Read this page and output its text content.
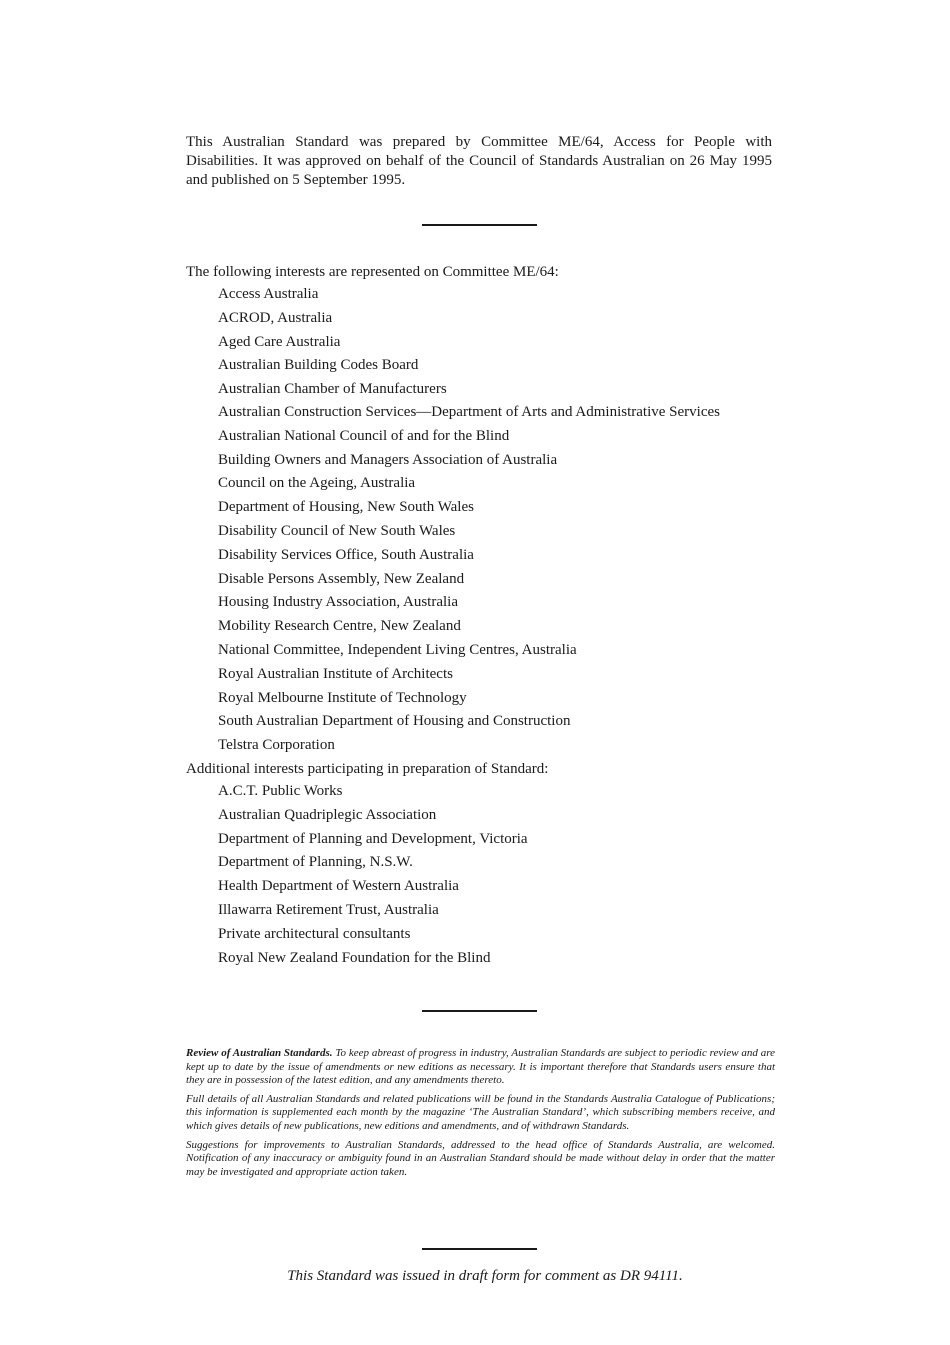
This Australian Standard was prepared by Committee ME/64, Access for People with Disabilities. It was approved on behalf of the Council of Standards Australian on 26 May 1995 and published on 5 September 1995.

The following interests are represented on Committee ME/64:

Access Australia
ACROD, Australia
Aged Care Australia
Australian Building Codes Board
Australian Chamber of Manufacturers
Australian Construction Services—Department of Arts and Administrative Services
Australian National Council of and for the Blind
Building Owners and Managers Association of Australia
Council on the Ageing, Australia
Department of Housing, New South Wales
Disability Council of New South Wales
Disability Services Office, South Australia
Disable Persons Assembly, New Zealand
Housing Industry Association, Australia
Mobility Research Centre, New Zealand
National Committee, Independent Living Centres, Australia
Royal Australian Institute of Architects
Royal Melbourne Institute of Technology
South Australian Department of Housing and Construction
Telstra Corporation

Additional interests participating in preparation of Standard:

A.C.T. Public Works
Australian Quadriplegic Association
Department of Planning and Development, Victoria
Department of Planning, N.S.W.
Health Department of Western Australia
Illawarra Retirement Trust, Australia
Private architectural consultants
Royal New Zealand Foundation for the Blind

Review of Australian Standards. To keep abreast of progress in industry, Australian Standards are subject to periodic review and are kept up to date by the issue of amendments or new editions as necessary. It is important therefore that Standards users ensure that they are in possession of the latest edition, and any amendments thereto.

Full details of all Australian Standards and related publications will be found in the Standards Australia Catalogue of Publications; this information is supplemented each month by the magazine ‘The Australian Standard’, which subscribing members receive, and which gives details of new publications, new editions and amendments, and of withdrawn Standards.

Suggestions for improvements to Australian Standards, addressed to the head office of Standards Australia, are welcomed. Notification of any inaccuracy or ambiguity found in an Australian Standard should be made without delay in order that the matter may be investigated and appropriate action taken.

This Standard was issued in draft form for comment as DR 94111.
